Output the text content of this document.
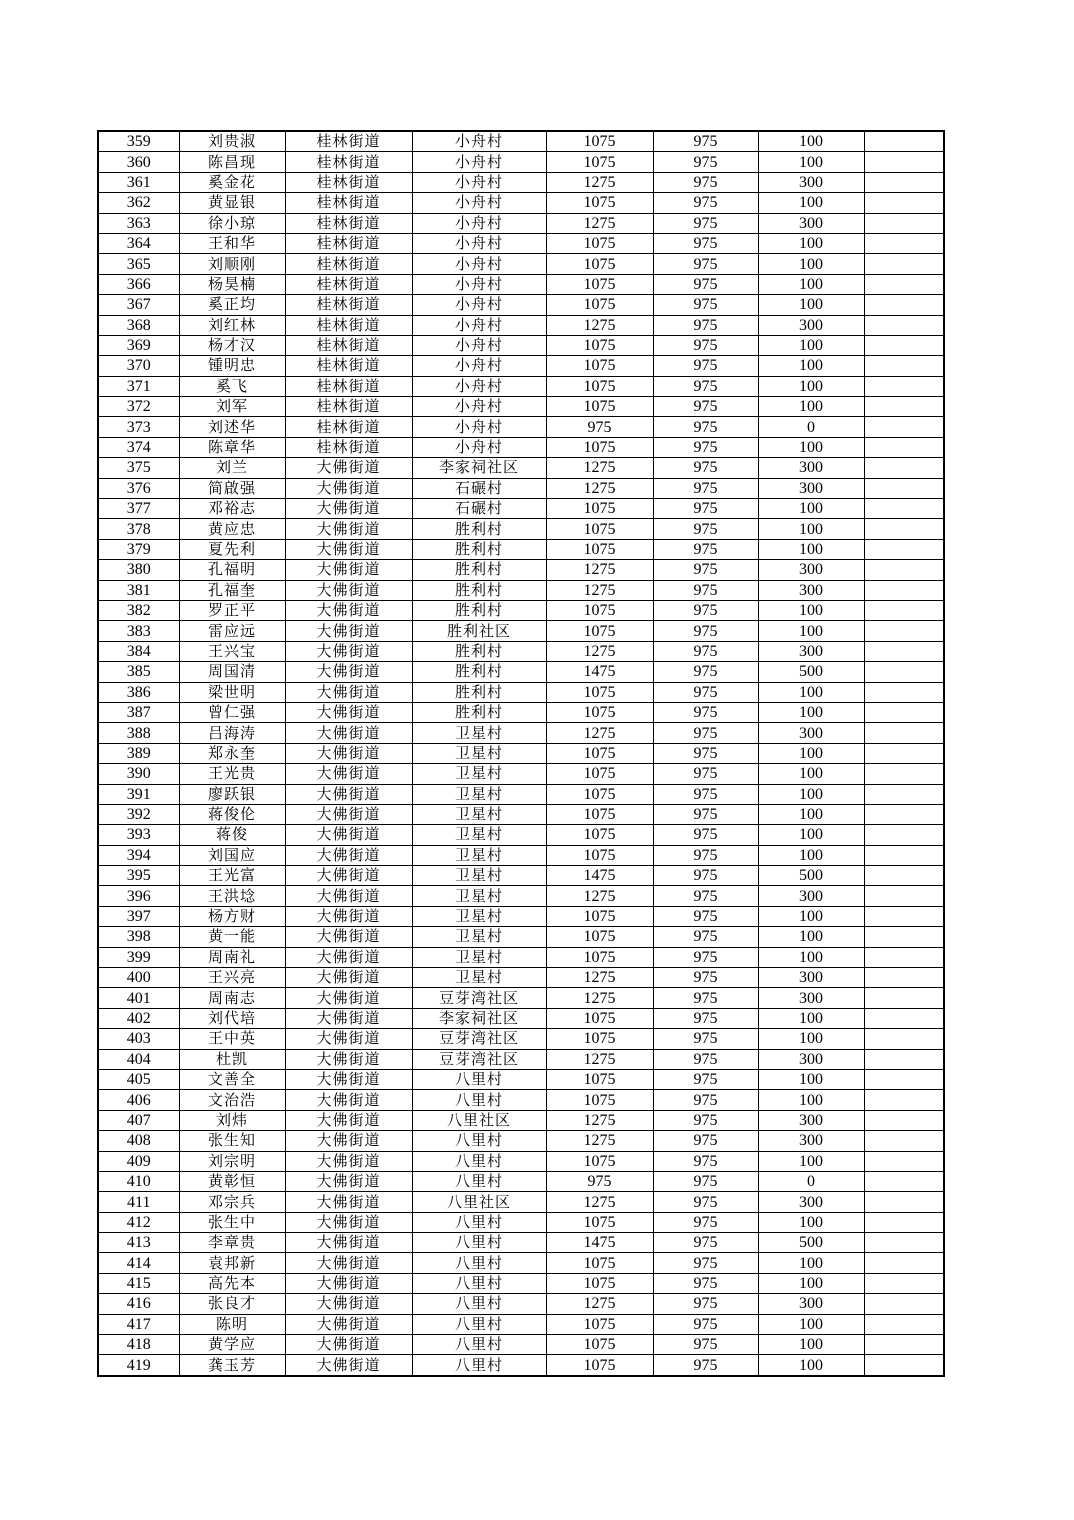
359	刘贵淑	桂林街道	小舟村	1075	975	100	
360	陈昌现	桂林街道	小舟村	1075	975	100	
361	奚金花	桂林街道	小舟村	1275	975	300	
362	黄显银	桂林街道	小舟村	1075	975	100	
363	徐小琼	桂林街道	小舟村	1275	975	300	
364	王和华	桂林街道	小舟村	1075	975	100	
365	刘顺刚	桂林街道	小舟村	1075	975	100	
366	杨昊楠	桂林街道	小舟村	1075	975	100	
367	奚正均	桂林街道	小舟村	1075	975	100	
368	刘红林	桂林街道	小舟村	1275	975	300	
369	杨才汉	桂林街道	小舟村	1075	975	100	
370	锺明忠	桂林街道	小舟村	1075	975	100	
371	奚飞	桂林街道	小舟村	1075	975	100	
372	刘军	桂林街道	小舟村	1075	975	100	
373	刘述华	桂林街道	小舟村	975	975	0	
374	陈章华	桂林街道	小舟村	1075	975	100	
375	刘兰	大佛街道	李家祠社区	1275	975	300	
376	简啟强	大佛街道	石碾村	1275	975	300	
377	邓裕志	大佛街道	石碾村	1075	975	100	
378	黄应忠	大佛街道	胜利村	1075	975	100	
379	夏先利	大佛街道	胜利村	1075	975	100	
380	孔福明	大佛街道	胜利村	1275	975	300	
381	孔福奎	大佛街道	胜利村	1275	975	300	
382	罗正平	大佛街道	胜利村	1075	975	100	
383	雷应远	大佛街道	胜利社区	1075	975	100	
384	王兴宝	大佛街道	胜利村	1275	975	300	
385	周国清	大佛街道	胜利村	1475	975	500	
386	梁世明	大佛街道	胜利村	1075	975	100	
387	曾仁强	大佛街道	胜利村	1075	975	100	
388	吕海涛	大佛街道	卫星村	1275	975	300	
389	郑永奎	大佛街道	卫星村	1075	975	100	
390	王光贵	大佛街道	卫星村	1075	975	100	
391	廖跃银	大佛街道	卫星村	1075	975	100	
392	蒋俊伦	大佛街道	卫星村	1075	975	100	
393	蒋俊	大佛街道	卫星村	1075	975	100	
394	刘国应	大佛街道	卫星村	1075	975	100	
395	王光富	大佛街道	卫星村	1475	975	500	
396	王洪埝	大佛街道	卫星村	1275	975	300	
397	杨方财	大佛街道	卫星村	1075	975	100	
398	黄一能	大佛街道	卫星村	1075	975	100	
399	周南礼	大佛街道	卫星村	1075	975	100	
400	王兴亮	大佛街道	卫星村	1275	975	300	
401	周南志	大佛街道	豆芽湾社区	1275	975	300	
402	刘代培	大佛街道	李家祠社区	1075	975	100	
403	王中英	大佛街道	豆芽湾社区	1075	975	100	
404	杜凯	大佛街道	豆芽湾社区	1275	975	300	
405	文善全	大佛街道	八里村	1075	975	100	
406	文治浩	大佛街道	八里村	1075	975	100	
407	刘炜	大佛街道	八里社区	1275	975	300	
408	张生知	大佛街道	八里村	1275	975	300	
409	刘宗明	大佛街道	八里村	1075	975	100	
410	黄彰恒	大佛街道	八里村	975	975	0	
411	邓宗兵	大佛街道	八里社区	1275	975	300	
412	张生中	大佛街道	八里村	1075	975	100	
413	李章贵	大佛街道	八里村	1475	975	500	
414	袁邦新	大佛街道	八里村	1075	975	100	
415	高先本	大佛街道	八里村	1075	975	100	
416	张良才	大佛街道	八里村	1275	975	300	
417	陈明	大佛街道	八里村	1075	975	100	
418	黄学应	大佛街道	八里村	1075	975	100	
419	龚玉芳	大佛街道	八里村	1075	975	100	
